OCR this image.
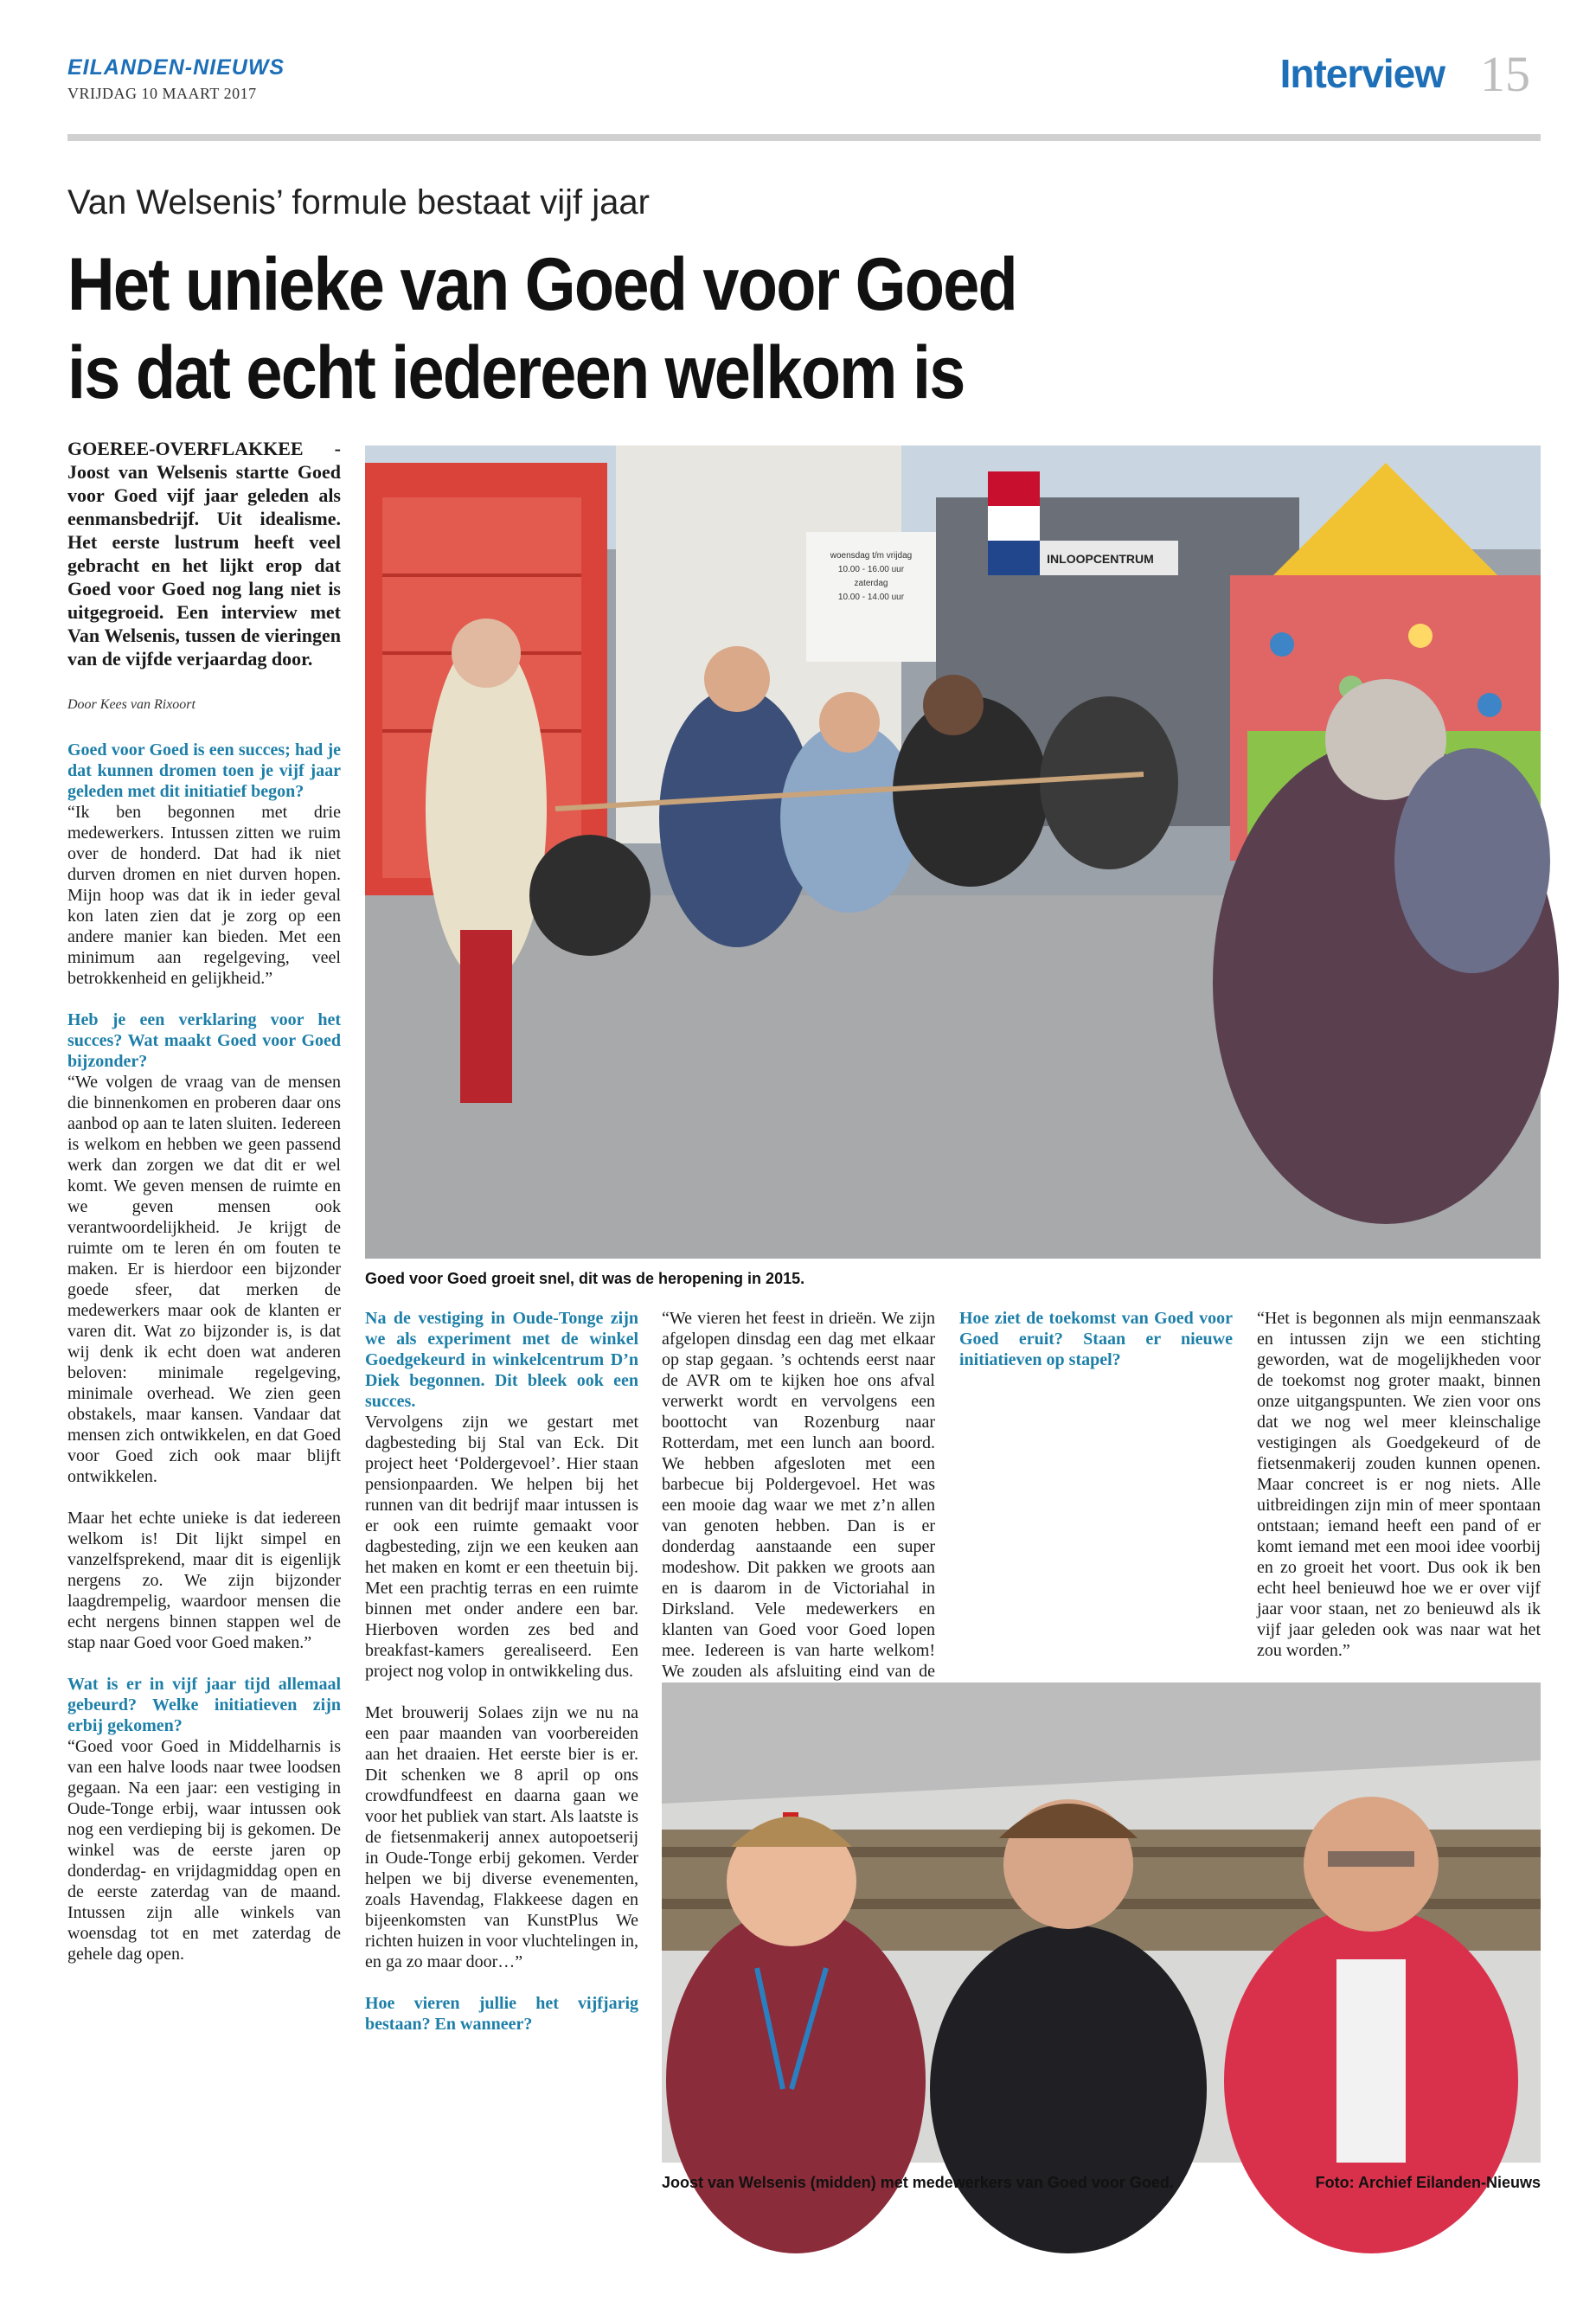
EILANDEN-NIEUWS
VRIJDAG 10 MAART 2017	Interview 15
Van Welsenis’ formule bestaat vijf jaar
Het unieke van Goed voor Goed
is dat echt iedereen welkom is

GOEREE-OVERFLAKKEE - Joost van Welsenis startte Goed voor Goed vijf jaar geleden als eenmansbedrijf. Uit idealisme. Het eerste lustrum heeft veel gebracht en het lijkt erop dat Goed voor Goed nog lang niet is uitgegroeid. Een interview met Van Welsenis, tussen de vieringen van de vijfde verjaardag door.

Door Kees van Rixoort

Goed voor Goed is een succes; had je dat kunnen dromen toen je vijf jaar geleden met dit initiatief begon?

“Ik ben begonnen met drie medewerkers. Intussen zitten we ruim over de honderd. Dat had ik niet durven dromen en niet durven hopen. Mijn hoop was dat ik in ieder geval kon laten zien dat je zorg op een andere manier kan bieden. Met een minimum aan regelgeving, veel betrokkenheid en gelijkheid.”

Heb je een verklaring voor het succes? Wat maakt Goed voor Goed bijzonder?

“We volgen de vraag van de mensen die binnenkomen en proberen daar ons aanbod op aan te laten sluiten. Iedereen is welkom en hebben we geen passend werk dan zorgen we dat dit er wel komt. We geven mensen de ruimte en we geven mensen ook verantwoordelijkheid. Je krijgt de ruimte om te leren én om fouten te maken. Er is hierdoor een bijzonder goede sfeer, dat merken de medewerkers maar ook de klanten er varen dit. Wat zo bijzonder is, is dat wij denk ik echt doen wat anderen beloven: minimale regelgeving, minimale overhead. We zien geen obstakels, maar kansen. Vandaar dat mensen zich ontwikkelen, en dat Goed voor Goed zich ook maar blijft ontwikkelen.

Maar het echte unieke is dat iedereen welkom is! Dit lijkt simpel en vanzelfsprekend, maar dit is eigenlijk nergens zo. We zijn bijzonder laagdrempelig, waardoor mensen die echt nergens binnen stappen wel de stap naar Goed voor Goed maken.”

Wat is er in vijf jaar tijd allemaal gebeurd? Welke initiatieven zijn erbij gekomen?

“Goed voor Goed in Middelharnis is van een halve loods naar twee loodsen gegaan. Na een jaar: een vestiging in Oude-Tonge erbij, waar intussen ook nog een verdieping bij is gekomen. De winkel was de eerste jaren op donderdag- en vrijdagmiddag open en de eerste zaterdag van de maand. Intussen zijn alle winkels van woensdag tot en met zaterdag de gehele dag open.

woensdag t/m vrijdag
10.00 - 16.00 uur
zaterdag
10.00 - 14.00 uur
INLOOPCENTRUM
Goed voor Goed groeit snel, dit was de heropening in 2015.

Na de vestiging in Oude-Tonge zijn we als experiment met de winkel Goedgekeurd in winkelcentrum D’n Diek begonnen. Dit bleek ook een succes.

Vervolgens zijn we gestart met dagbesteding bij Stal van Eck. Dit project heet ‘Poldergevoel’. Hier staan pensionpaarden. We helpen bij het runnen van dit bedrijf maar intussen is er ook een ruimte gemaakt voor dagbesteding, zijn we een keuken aan het maken en komt er een theetuin bij. Met een prachtig terras en een ruimte binnen met onder andere een bar. Hierboven worden zes bed and breakfast-kamers gerealiseerd. Een project nog volop in ontwikkeling dus.

Met brouwerij Solaes zijn we nu na een paar maanden van voorbereiden aan het draaien. Het eerste bier is er. Dit schenken we 8 april op ons crowdfundfeest en daarna gaan we voor het publiek van start. Als laatste is de fietsenmakerij annex autopoetserij in Oude-Tonge erbij gekomen. Verder helpen we bij diverse evenementen, zoals Havendag, Flakkeese dagen en bijeenkomsten van KunstPlus We richten huizen in voor vluchtelingen in, en ga zo maar door…”

Hoe vieren jullie het vijfjarig bestaan? En wanneer?

“We vieren het feest in drieën. We zijn afgelopen dinsdag een dag met elkaar op stap gegaan. ’s ochtends eerst naar de AVR om te kijken hoe ons afval verwerkt wordt en vervolgens een boottocht van Rozenburg naar Rotterdam, met een lunch aan boord. We hebben afgesloten met een barbecue bij Poldergevoel. Het was een mooie dag waar we met z’n allen van genoten hebben. Dan is er donderdag aanstaande een super modeshow. Dit pakken we groots aan en is daarom in de Victoriahal in Dirksland. Vele medewerkers en klanten van Goed voor Goed lopen mee. Iedereen is van harte welkom! We zouden als afsluiting eind van de

Hoe ziet de toekomst van Goed voor Goed eruit? Staan er nieuwe initiatieven op stapel?

“Het is begonnen als mijn eenmanszaak en intussen zijn we een stichting geworden, wat de mogelijkheden voor de toekomst nog groter maakt, binnen onze uitgangspunten. We zien voor ons dat we nog wel meer kleinschalige vestigingen als Goedgekeurd of de fietsenmakerij zouden kunnen openen. Maar concreet is er nog niets. Alle uitbreidingen zijn min of meer spontaan ontstaan; iemand heeft een pand of er komt iemand met een mooi idee voorbij en zo groeit het voort. Dus ook ik ben echt heel benieuwd hoe we er over vijf jaar voor staan, net zo benieuwd als ik vijf jaar geleden ook was naar wat het zou worden.”

Joost van Welsenis (midden) met medewerkers van Goed voor Goed.	Foto: Archief Eilanden-Nieuws
